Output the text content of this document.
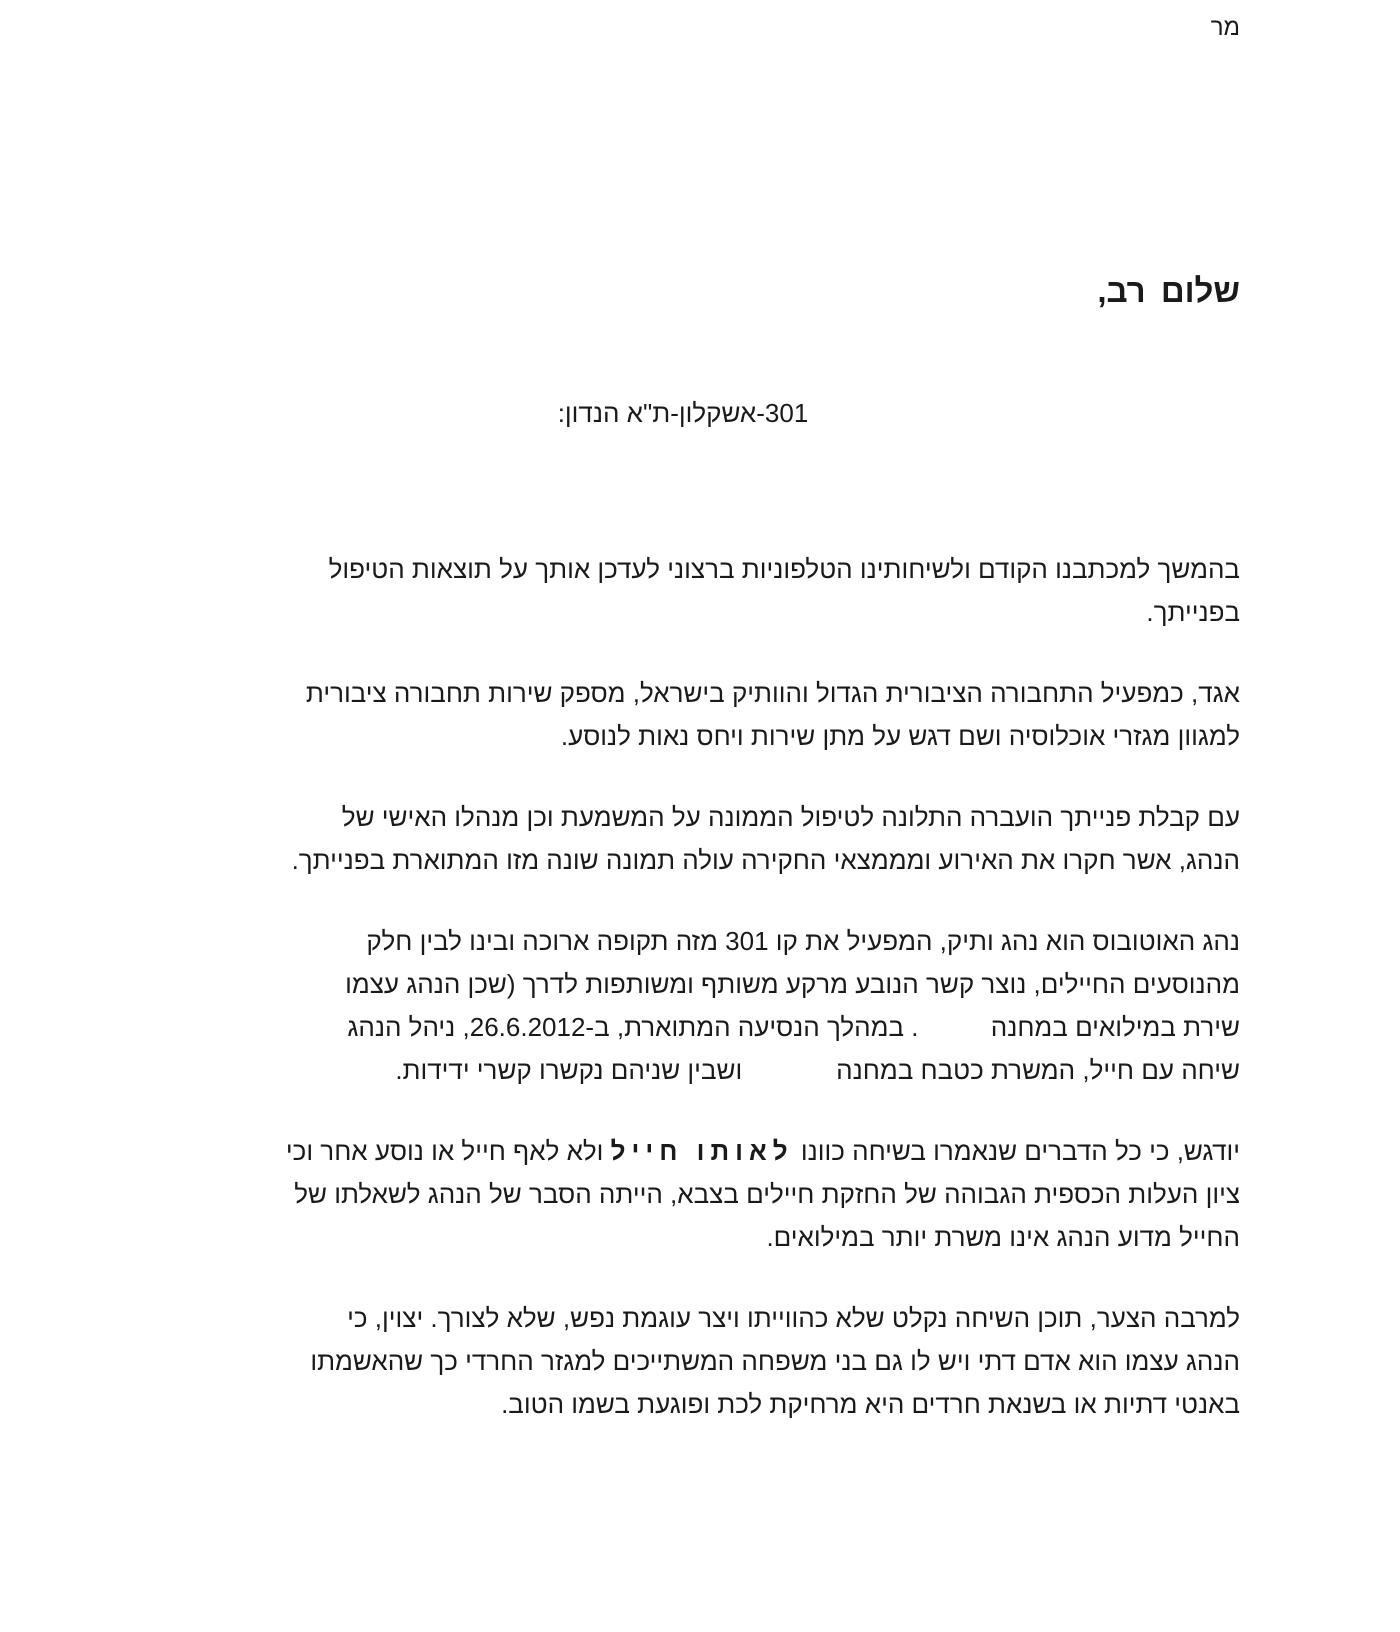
מר
שלום רב,
הנדון: 301-אשקלון-ת"א
בהמשך למכתבנו הקודם ולשיחותינו הטלפוניות ברצוני לעדכן אותך על תוצאות הטיפול
בפנייתך.
אגד, כמפעיל התחבורה הציבורית הגדול והוותיק בישראל, מספק שירות תחבורה ציבורית
למגוון מגזרי אוכלוסיה ושם דגש על מתן שירות ויחס נאות לנוסע.
עם קבלת פנייתך הועברה התלונה לטיפול הממונה על המשמעת וכן מנהלו האישי של
הנהג, אשר חקרו את האירוע ומממצאי החקירה עולה תמונה שונה מזו המתוארת בפנייתך.
נהג האוטובוס הוא נהג ותיק, המפעיל את קו 301 מזה תקופה ארוכה ובינו לבין חלק
מהנוסעים החיילים, נוצר קשר הנובע מרקע משותף ומשותפות לדרך (שכן הנהג עצמו
שירת במילואים במחנה          . במהלך הנסיעה המתוארת, ב-26.6.2012, ניהל הנהג
שיחה עם חייל, המשרת כטבח במחנה             ושבין שניהם נקשרו קשרי ידידות.
יודגש, כי כל הדברים שנאמרו בשיחה כוונו לאותו חייל ולא לאף חייל או נוסע אחר וכי
ציון העלות הכספית הגבוהה של החזקת חיילים בצבא, הייתה הסבר של הנהג לשאלתו של
החייל מדוע הנהג אינו משרת יותר במילואים.
למרבה הצער, תוכן השיחה נקלט שלא כהווייתו ויצר עוגמת נפש, שלא לצורך. יצוין, כי
הנהג עצמו הוא אדם דתי ויש לו גם בני משפחה המשתייכים למגזר החרדי כך שהאשמתו
באנטי דתיות או בשנאת חרדים היא מרחיקת לכת ופוגעת בשמו הטוב.
